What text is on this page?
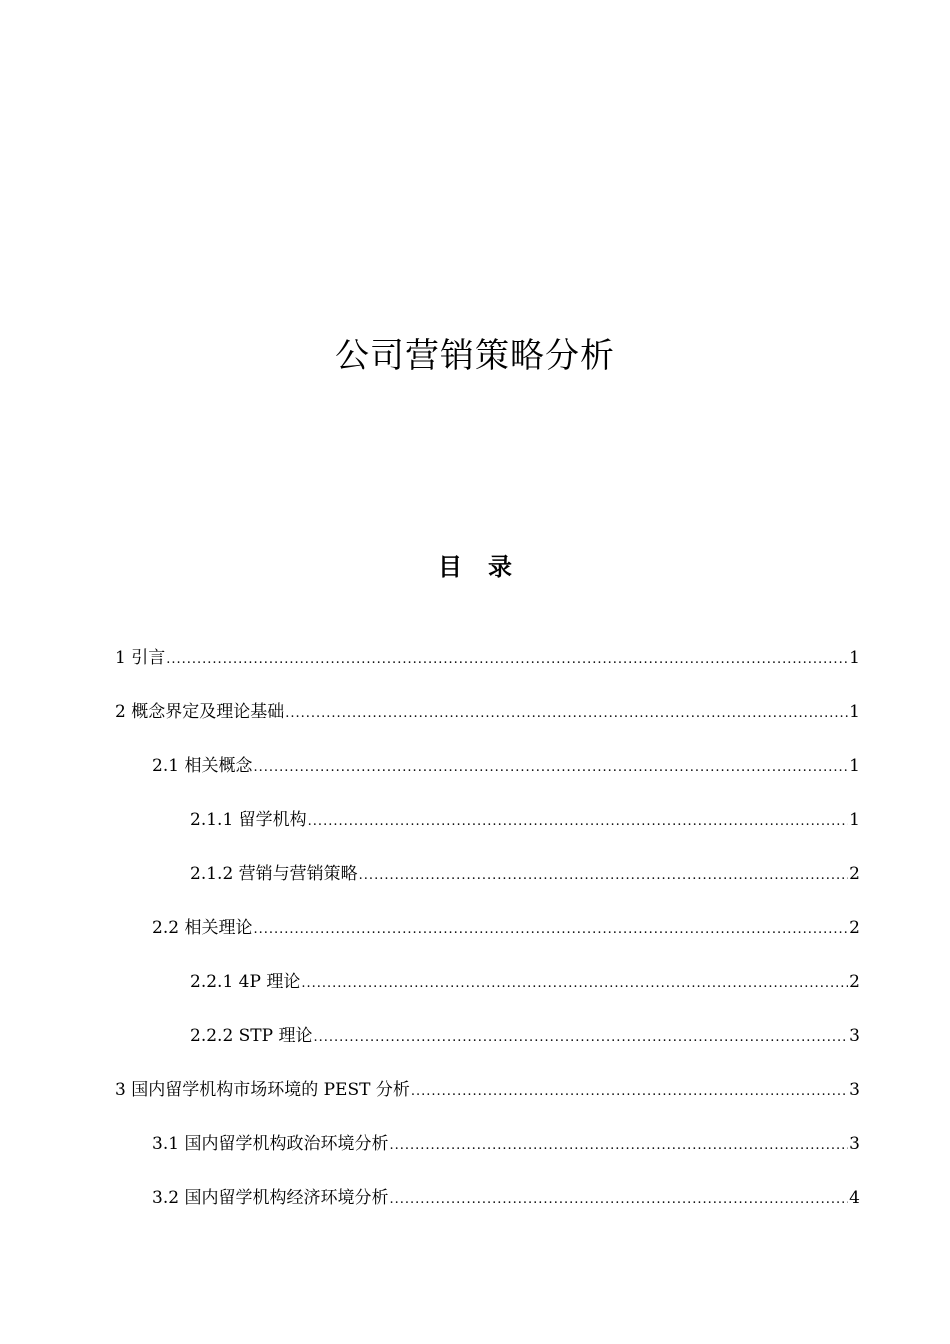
公司营销策略分析
目录
1 引言 .....	1
2 概念界定及理论基础 .....	1
2.1 相关概念 .....	1
2.1.1 留学机构 .....	1
2.1.2 营销与营销策略 .....	2
2.2 相关理论 .....	2
2.2.1 4P 理论 .....	2
2.2.2 STP 理论 .....	3
3 国内留学机构市场环境的 PEST 分析 .....	3
3.1 国内留学机构政治环境分析 .....	3
3.2 国内留学机构经济环境分析 .....	4
